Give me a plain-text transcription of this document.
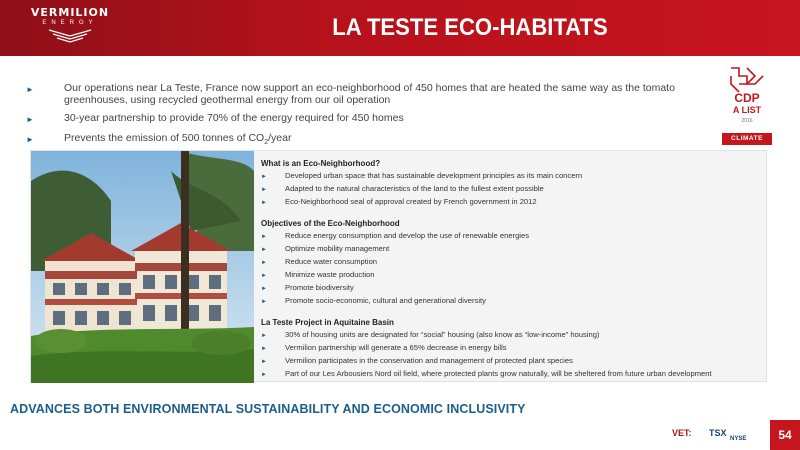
VERMILION
ENERGY	LA TESTE ECO-HABITATS
►	Our operations near La Teste, France now support an eco-neighborhood of 450 homes that are heated the same way as the tomato greenhouses, using recycled geothermal energy from our oil operation
►	30-year partnership to provide 70% of the energy required for 450 homes
►	Prevents the emission of 500 tonnes of $CO_2$/year
CDP
A LIST
2016
CLIMATE
What is an Eco-Neighborhood?
►	Developed urban space that has sustainable development principles as its main concern
►	Adapted to the natural characteristics of the land to the fullest extent possible
►	Eco-Neighborhood seal of approval created by French government in 2012
Objectives of the Eco-Neighborhood
►	Reduce energy consumption and develop the use of renewable energies
►	Optimize mobility management
►	Reduce water consumption
►	Minimize waste production
►	Promote biodiversity
►	Promote socio-economic, cultural and generational diversity
La Teste Project in Aquitaine Basin
►	30% of housing units are designated for “social” housing (also know as “low-income” housing)
►	Vermilion partnership will generate a 65% decrease in energy bills
►	Vermilion participates in the conservation and management of protected plant species
►	Part of our Les Arbousiers Nord oil field, where protected plants grow naturally, will be sheltered from future urban development
ADVANCES BOTH ENVIRONMENTAL SUSTAINABILITY AND ECONOMIC INCLUSIVITY
VET: TSX
NYSE	54
